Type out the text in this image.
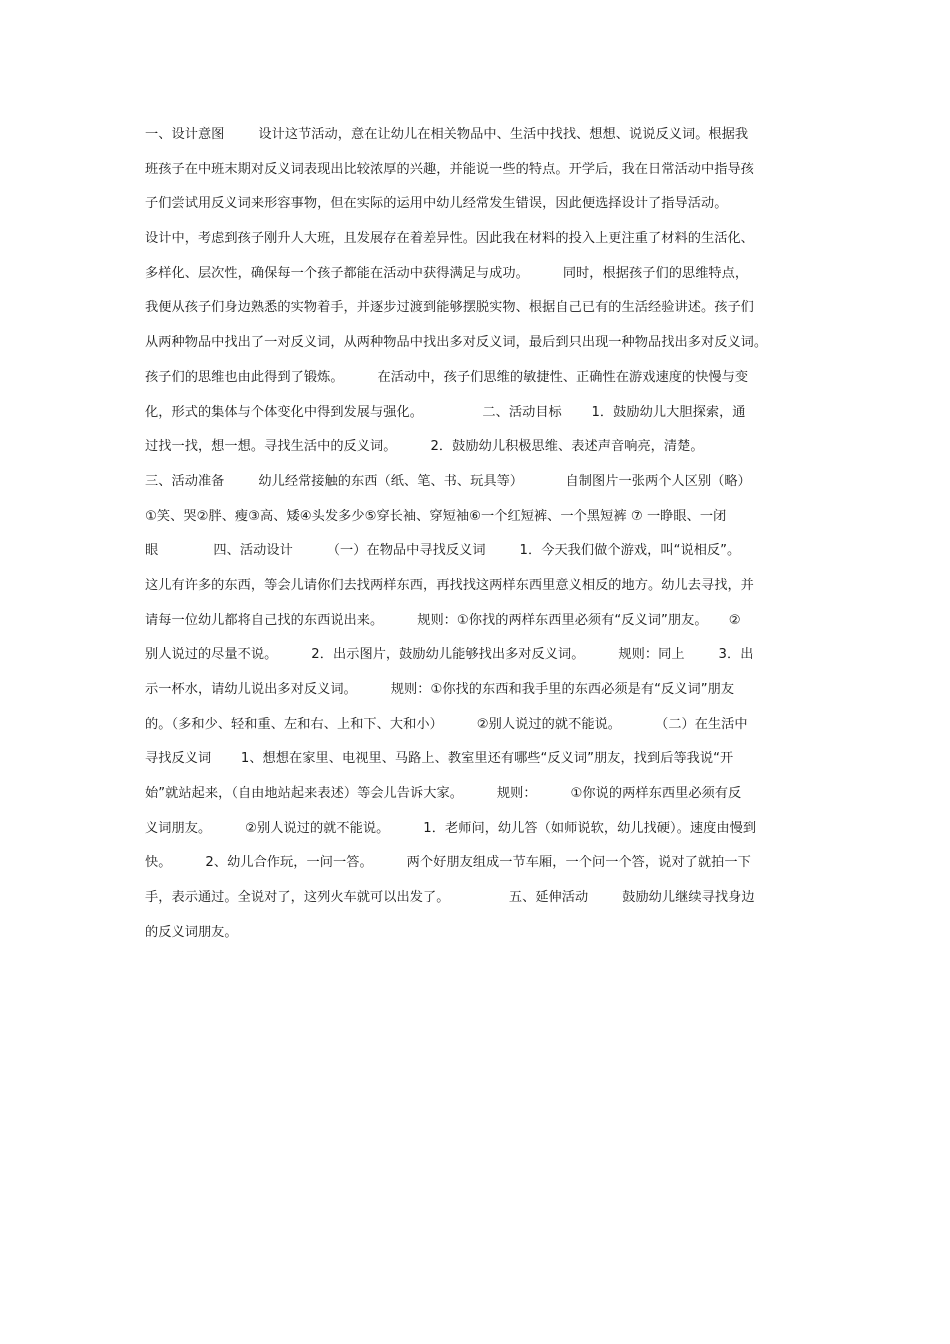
一、设计意图        设计这节活动，意在让幼儿在相关物品中、生活中找找、想想、说说反义词。根据我
班孩子在中班末期对反义词表现出比较浓厚的兴趣，并能说一些的特点。开学后，我在日常活动中指导孩
子们尝试用反义词来形容事物，但在实际的运用中幼儿经常发生错误，因此便选择设计了指导活动。
设计中，考虑到孩子刚升人大班，且发展存在着差异性。因此我在材料的投入上更注重了材料的生活化、
多样化、层次性，确保每一个孩子都能在活动中获得满足与成功。        同时，根据孩子们的思维特点，
我便从孩子们身边熟悉的实物着手，并逐步过渡到能够摆脱实物、根据自己已有的生活经验讲述。孩子们
从两种物品中找出了一对反义词，从两种物品中找出多对反义词，最后到只出现一种物品找出多对反义词。
孩子们的思维也由此得到了锻炼。        在活动中，孩子们思维的敏捷性、正确性在游戏速度的快慢与变
化，形式的集体与个体变化中得到发展与强化。              二、活动目标       1．鼓励幼儿大胆探索，通
过找一找，想一想。寻找生活中的反义词。        2．鼓励幼儿积极思维、表述声音响亮，清楚。
三、活动准备        幼儿经常接触的东西（纸、笔、书、玩具等）          自制图片一张两个人区别（略）
①笑、哭②胖、瘦③高、矮④头发多少⑤穿长袖、穿短袖⑥一个红短裤、一个黑短裤 ⑦ 一睁眼、一闭
眼             四、活动设计        （一）在物品中寻找反义词        1．今天我们做个游戏，叫“说相反”。
这儿有许多的东西，等会儿请你们去找两样东西，再找找这两样东西里意义相反的地方。幼儿去寻找，并
请每一位幼儿都将自己找的东西说出来。        规则：①你找的两样东西里必须有“反义词”朋友。     ②
别人说过的尽量不说。        2．出示图片，鼓励幼儿能够找出多对反义词。        规则：同上        3．出
示一杯水，请幼儿说出多对反义词。        规则：①你找的东西和我手里的东西必须是有“反义词”朋友
的。（多和少、轻和重、左和右、上和下、大和小）        ②别人说过的就不能说。        （二）在生活中
寻找反义词       1、想想在家里、电视里、马路上、教室里还有哪些“反义词”朋友，找到后等我说“开
始”就站起来，（自由地站起来表述）等会儿告诉大家。        规则：        ①你说的两样东西里必须有反
义词朋友。        ②别人说过的就不能说。        1．老师问，幼儿答（如师说软，幼儿找硬）。速度由慢到
快。        2、幼儿合作玩，一问一答。        两个好朋友组成一节车厢，一个问一个答，说对了就拍一下
手，表示通过。全说对了，这列火车就可以出发了。              五、延伸活动        鼓励幼儿继续寻找身边
的反义词朋友。
